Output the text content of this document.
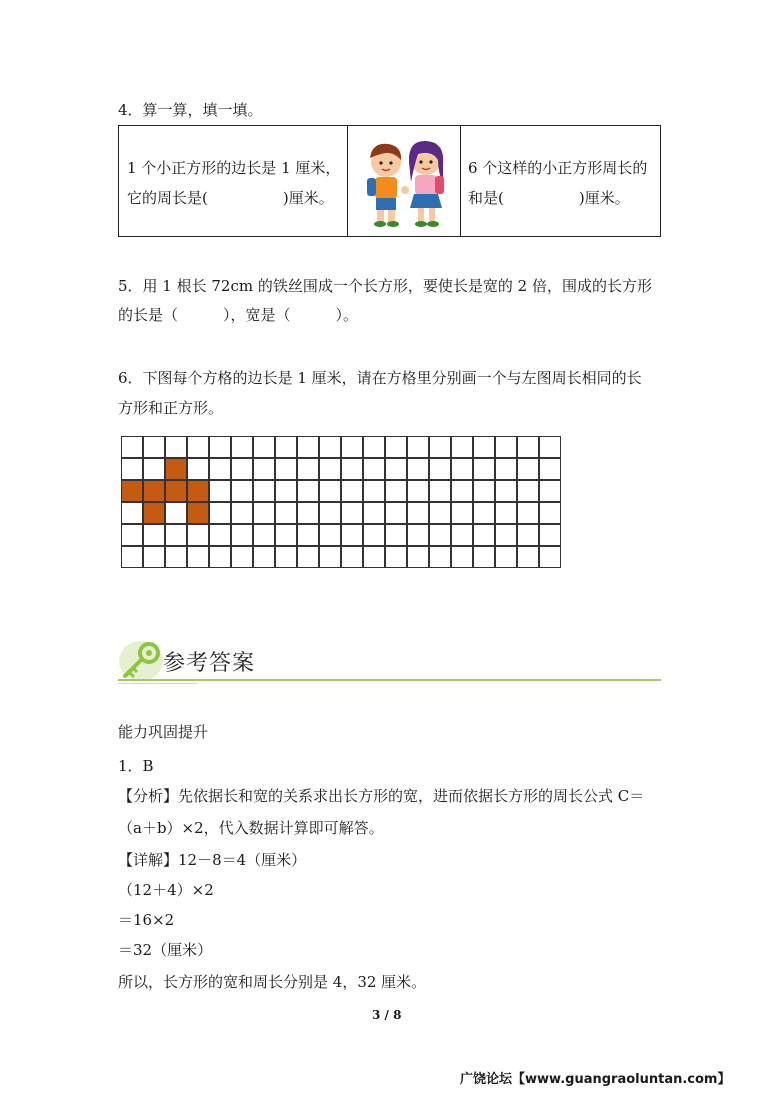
4．算一算，填一填。
1 个小正方形的边长是 1 厘米，
它的周长是(　　　　　)厘米。
6 个这样的小正方形周长的
和是(　　　　　)厘米。
5．用 1 根长 72cm 的铁丝围成一个长方形，要使长是宽的 2 倍，围成的长方形
的长是（　　　），宽是（　　　）。
6．下图每个方格的边长是 1 厘米，请在方格里分别画一个与左图周长相同的长
方形和正方形。
参考答案
能力巩固提升
1．B
【分析】先依据长和宽的关系求出长方形的宽，进而依据长方形的周长公式 C＝
（a＋b）×2，代入数据计算即可解答。
【详解】12－8＝4（厘米）
（12＋4）×2
＝16×2
＝32（厘米）
所以，长方形的宽和周长分别是 4，32 厘米。
3 / 8
广饶论坛【www.guangraoluntan.com】
